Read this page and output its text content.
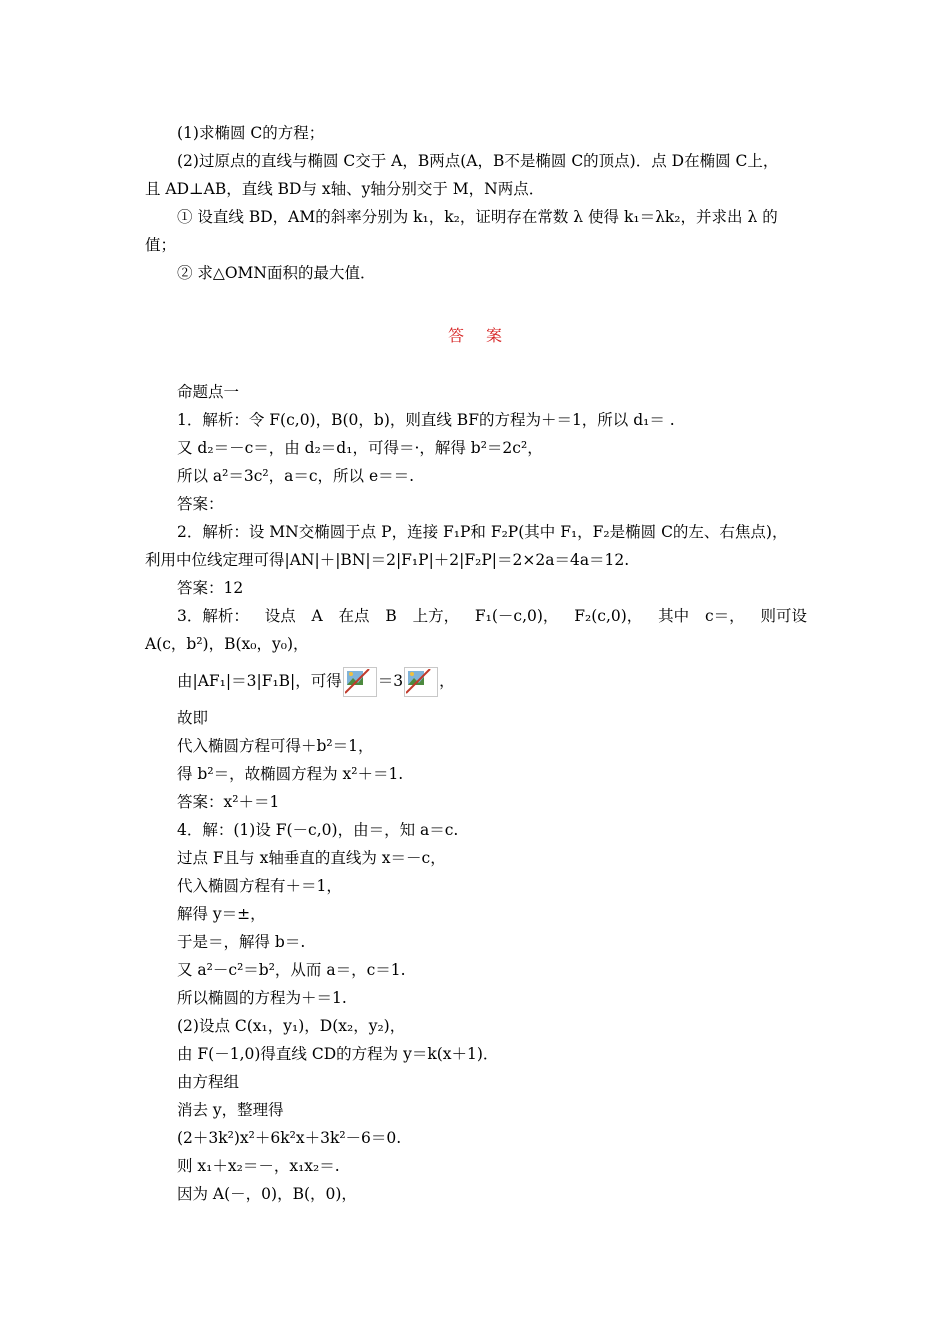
(1)求椭圆 C的方程；
(2)过原点的直线与椭圆 C交于 A，B两点(A，B不是椭圆 C的顶点)．点 D在椭圆 C上，
且 AD⊥AB，直线 BD与 x轴、y轴分别交于 M，N两点．
① 设直线 BD，AM的斜率分别为 k₁，k₂，证明存在常数 λ 使得 k₁＝λk₂，并求出 λ 的
值；
② 求△OMN面积的最大值．
答案
命题点一
1．解析：令 F(c,0)，B(0，b)，则直线 BF的方程为＋＝1，所以 d₁＝ .
又 d₂＝－c＝，由 d₂＝d₁，可得＝·，解得 b²＝2c²，
所以 a²＝3c²，a＝c，所以 e＝＝.
答案：
2．解析：设 MN交椭圆于点 P，连接 F₁P和 F₂P(其中 F₁，F₂是椭圆 C的左、右焦点)，
利用中位线定理可得|AN|＋|BN|＝2|F₁P|＋2|F₂P|＝2×2a＝4a＝12.
答案：12
3．解析： 设点 A 在点 B 上方， F₁(－c,0)， F₂(c,0)， 其中 c＝， 则可设
A(c，b²)，B(x₀，y₀)，
由|AF₁|＝3|F₁B|，可得 ＝3 ，
故即
代入椭圆方程可得＋b²＝1，
得 b²＝，故椭圆方程为 x²＋＝1.
答案：x²＋＝1
4．解：(1)设 F(－c,0)，由＝，知 a＝c.
过点 F且与 x轴垂直的直线为 x＝－c，
代入椭圆方程有＋＝1，
解得 y＝±，
于是＝，解得 b＝.
又 a²－c²＝b²，从而 a＝，c＝1.
所以椭圆的方程为＋＝1.
(2)设点 C(x₁，y₁)，D(x₂，y₂)，
由 F(－1,0)得直线 CD的方程为 y＝k(x＋1)．
由方程组
消去 y，整理得
(2＋3k²)x²＋6k²x＋3k²－6＝0.
则 x₁＋x₂＝－，x₁x₂＝.
因为 A(－，0)，B(，0)，
